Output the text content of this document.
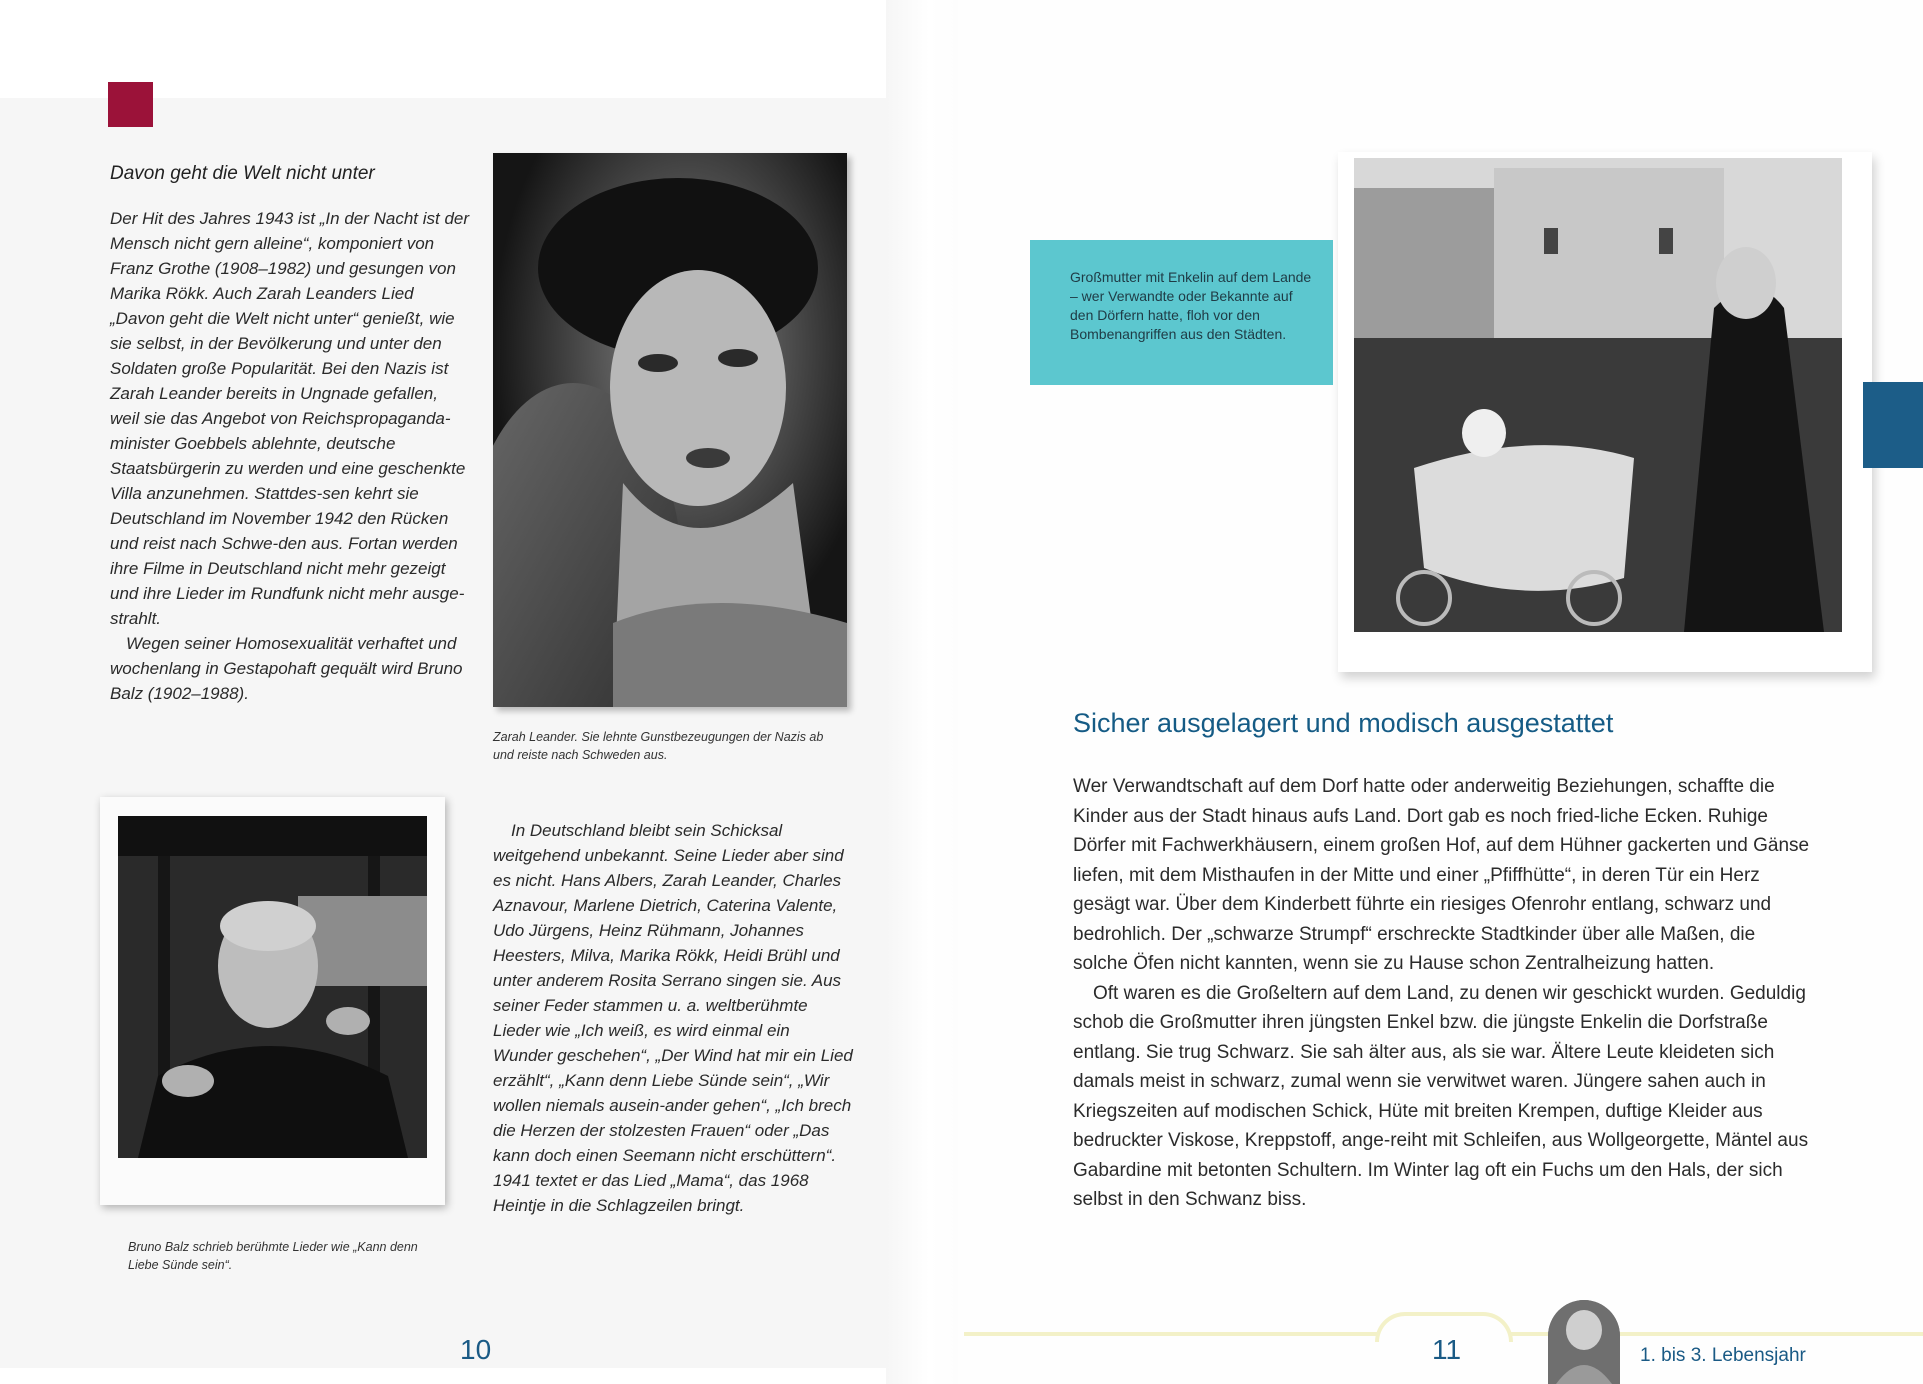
Davon geht die Welt nicht unter

Der Hit des Jahres 1943 ist „In der Nacht ist der Mensch nicht gern alleine“, komponiert von Franz Grothe (1908–1982) und gesungen von Marika Rökk. Auch Zarah Leanders Lied „Davon geht die Welt nicht unter“ genießt, wie sie selbst, in der Bevölkerung und unter den Soldaten große Popularität. Bei den Nazis ist Zarah Leander bereits in Ungnade gefallen, weil sie das Angebot von Reichspropaganda-minister Goebbels ablehnte, deutsche Staatsbürgerin zu werden und eine geschenkte Villa anzunehmen. Stattdes-sen kehrt sie Deutschland im November 1942 den Rücken und reist nach Schwe-den aus. Fortan werden ihre Filme in Deutschland nicht mehr gezeigt und ihre Lieder im Rundfunk nicht mehr ausge-strahlt.

Wegen seiner Homosexualität verhaftet und wochenlang in Gestapohaft gequält wird Bruno Balz (1902–1988).

Zarah Leander. Sie lehnte Gunstbezeugungen der Nazis ab und reiste nach Schweden aus.
Bruno Balz schrieb berühmte Lieder wie „Kann denn Liebe Sünde sein“.

In Deutschland bleibt sein Schicksal weitgehend unbekannt. Seine Lieder aber sind es nicht. Hans Albers, Zarah Leander, Charles Aznavour, Marlene Dietrich, Caterina Valente, Udo Jürgens, Heinz Rühmann, Johannes Heesters, Milva, Marika Rökk, Heidi Brühl und unter anderem Rosita Serrano singen sie. Aus seiner Feder stammen u. a. weltberühmte Lieder wie „Ich weiß, es wird einmal ein Wunder geschehen“, „Der Wind hat mir ein Lied erzählt“, „Kann denn Liebe Sünde sein“, „Wir wollen niemals ausein-ander gehen“, „Ich brech die Herzen der stolzesten Frauen“ oder „Das kann doch einen Seemann nicht erschüttern“. 1941 textet er das Lied „Mama“, das 1968 Heintje in die Schlagzeilen bringt.

10
Großmutter mit Enkelin auf dem Lande – wer Verwandte oder Bekannte auf den Dörfern hatte, floh vor den Bombenangriffen aus den Städten.
Sicher ausgelagert und modisch ausgestattet

Wer Verwandtschaft auf dem Dorf hatte oder anderweitig Beziehungen, schaffte die Kinder aus der Stadt hinaus aufs Land. Dort gab es noch fried-liche Ecken. Ruhige Dörfer mit Fachwerkhäusern, einem großen Hof, auf dem Hühner gackerten und Gänse liefen, mit dem Misthaufen in der Mitte und einer „Pfiffhütte“, in deren Tür ein Herz gesägt war. Über dem Kinderbett führte ein riesiges Ofenrohr entlang, schwarz und bedrohlich. Der „schwarze Strumpf“ erschreckte Stadtkinder über alle Maßen, die solche Öfen nicht kannten, wenn sie zu Hause schon Zentralheizung hatten.

Oft waren es die Großeltern auf dem Land, zu denen wir geschickt wurden. Geduldig schob die Großmutter ihren jüngsten Enkel bzw. die jüngste Enkelin die Dorfstraße entlang. Sie trug Schwarz. Sie sah älter aus, als sie war. Ältere Leute kleideten sich damals meist in schwarz, zumal wenn sie verwitwet waren. Jüngere sahen auch in Kriegszeiten auf modischen Schick, Hüte mit breiten Krempen, duftige Kleider aus bedruckter Viskose, Kreppstoff, ange-reiht mit Schleifen, aus Wollgeorgette, Mäntel aus Gabardine mit betonten Schultern. Im Winter lag oft ein Fuchs um den Hals, der sich selbst in den Schwanz biss.

11	1. bis 3. Lebensjahr
